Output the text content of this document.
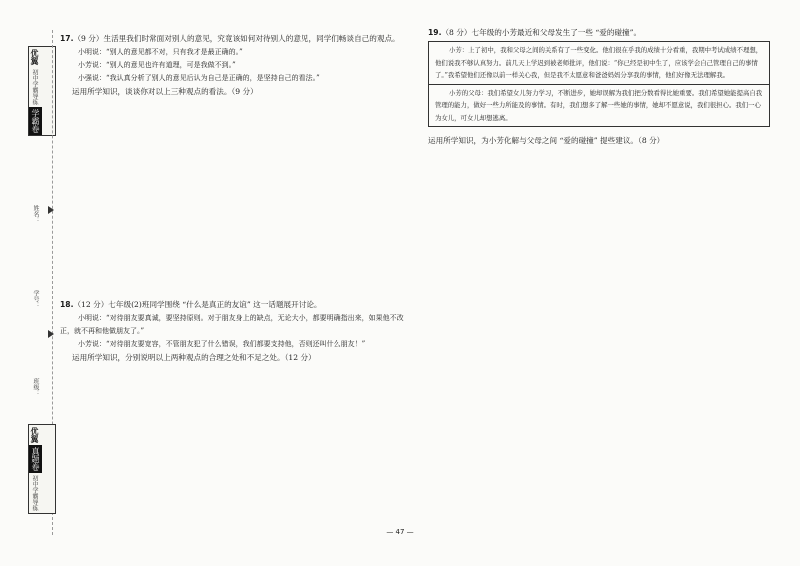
优翼
初中学霸导练
学霸卷
姓名：
学号：
班级：
优翼
真题卷
初中学霸导练
17.（9 分）生活里我们时常面对别人的意见，究竟该如何对待别人的意见，同学们畅谈自己的观点。
小明说：“别人的意见都不对，只有我才是最正确的。”
小芳说：“别人的意见也许有道理，可是我做不到。”
小强说：“我认真分析了别人的意见后认为自己是正确的，是坚持自己的看法。”
运用所学知识，谈谈你对以上三种观点的看法。（9 分）
18.（12 分）七年级(2)班同学围绕 “什么是真正的友谊” 这一话题展开讨论。
小明说：“对待朋友要真诚，要坚持原则。对于朋友身上的缺点，无论大小，都要明确指出来，如果他不改正，就不再和他做朋友了。”
小芳说：“对待朋友要宽容，不管朋友犯了什么错误，我们都要支持他，否则还叫什么朋友！”
运用所学知识，分别说明以上两种观点的合理之处和不足之处。（12 分）
19.（8 分）七年级的小芳最近和父母发生了一些 “爱的碰撞”。
小芳：上了初中，我和父母之间的关系有了一些变化。他们很在乎我的成绩十分看重，我期中考试成绩不理想，他们说我不够认真努力。前几天上学迟到被老师批评，他们说：“你已经是初中生了，应该学会自己管理自己的事情了。”我希望他们还像以前一样关心我，但是我不太愿意和爸爸妈妈分享我的事情，他们好像无法理解我。
小芳的父母：我们希望女儿努力学习，不断进步，她却误解为我们把分数看得比她重要。我们希望她能提高自我管理的能力，做好一些力所能及的事情。有时，我们想多了解一些她的事情，她却不愿意说，我们很担心。我们一心为女儿，可女儿却想逃离。
运用所学知识，为小芳化解与父母之间 “爱的碰撞” 提些建议。（8 分）
— 47 —
